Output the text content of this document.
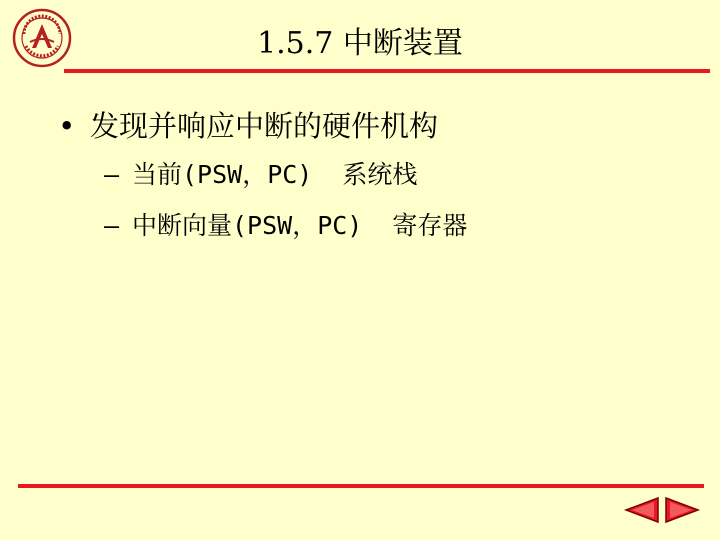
1.5.7 中断装置
• 发现并响应中断的硬件机构
– 当前(PSW，PC) 系统栈
– 中断向量(PSW，PC) 寄存器
